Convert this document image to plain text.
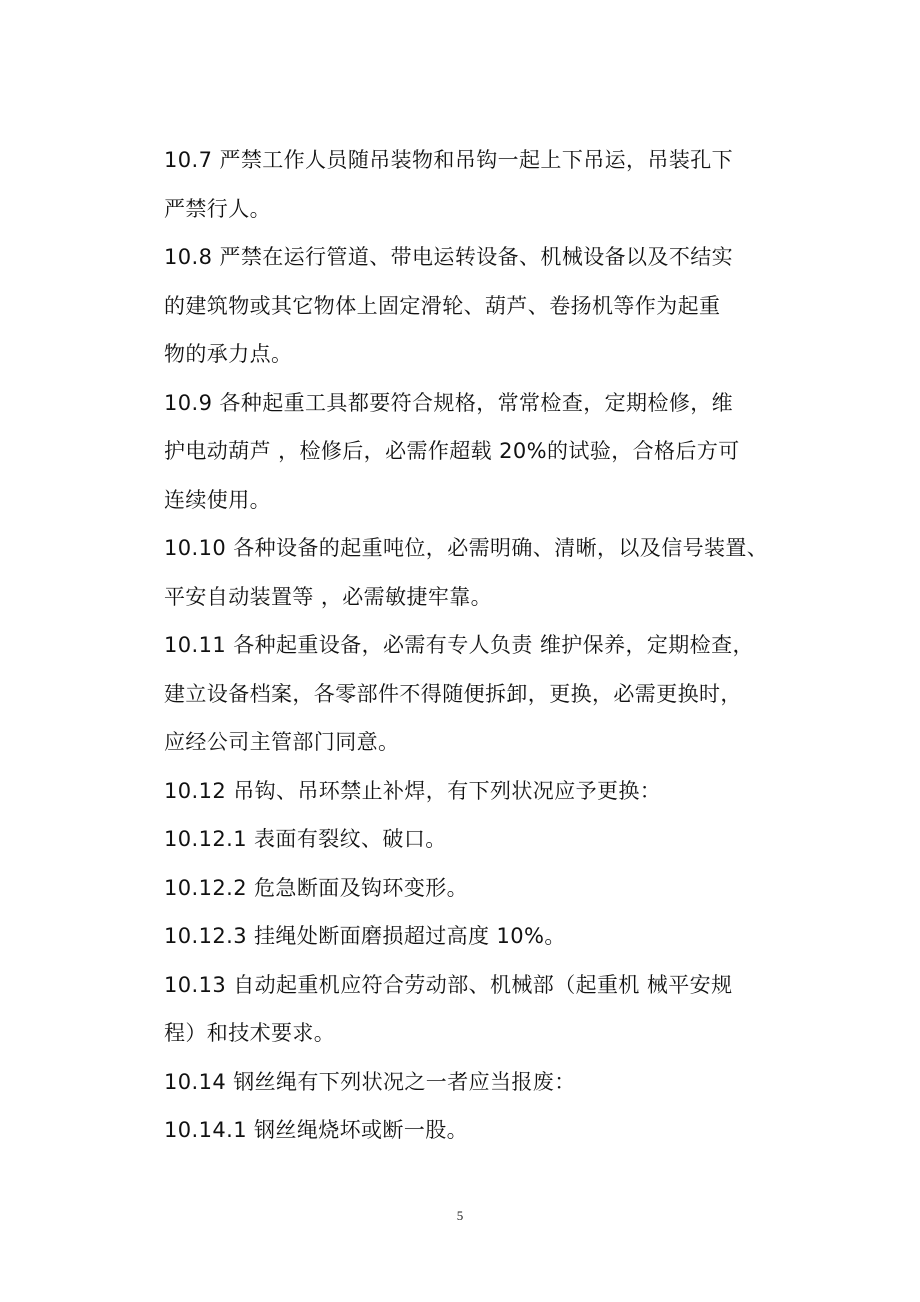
10.7 严禁工作人员随吊装物和吊钩一起上下吊运，吊装孔下
严禁行人。

10.8 严禁在运行管道、带电运转设备、机械设备以及不结实
的建筑物或其它物体上固定滑轮、葫芦、卷扬机等作为起重
物的承力点。

10.9 各种起重工具都要符合规格，常常检查，定期检修，维
护电动葫芦 ，检修后，必需作超载 20%的试验，合格后方可
连续使用。

10.10 各种设备的起重吨位，必需明确、清晰，以及信号装置、
平安自动装置等 ，必需敏捷牢靠。

10.11 各种起重设备，必需有专人负责 维护保养，定期检查，
建立设备档案，各零部件不得随便拆卸，更换，必需更换时，
应经公司主管部门同意。

10.12 吊钩、吊环禁止补焊，有下列状况应予更换：

10.12.1 表面有裂纹、破口。

10.12.2 危急断面及钩环变形。

10.12.3 挂绳处断面磨损超过高度 10%。

10.13 自动起重机应符合劳动部、机械部（起重机 械平安规
程）和技术要求。

10.14 钢丝绳有下列状况之一者应当报废：

10.14.1 钢丝绳烧坏或断一股。

5
